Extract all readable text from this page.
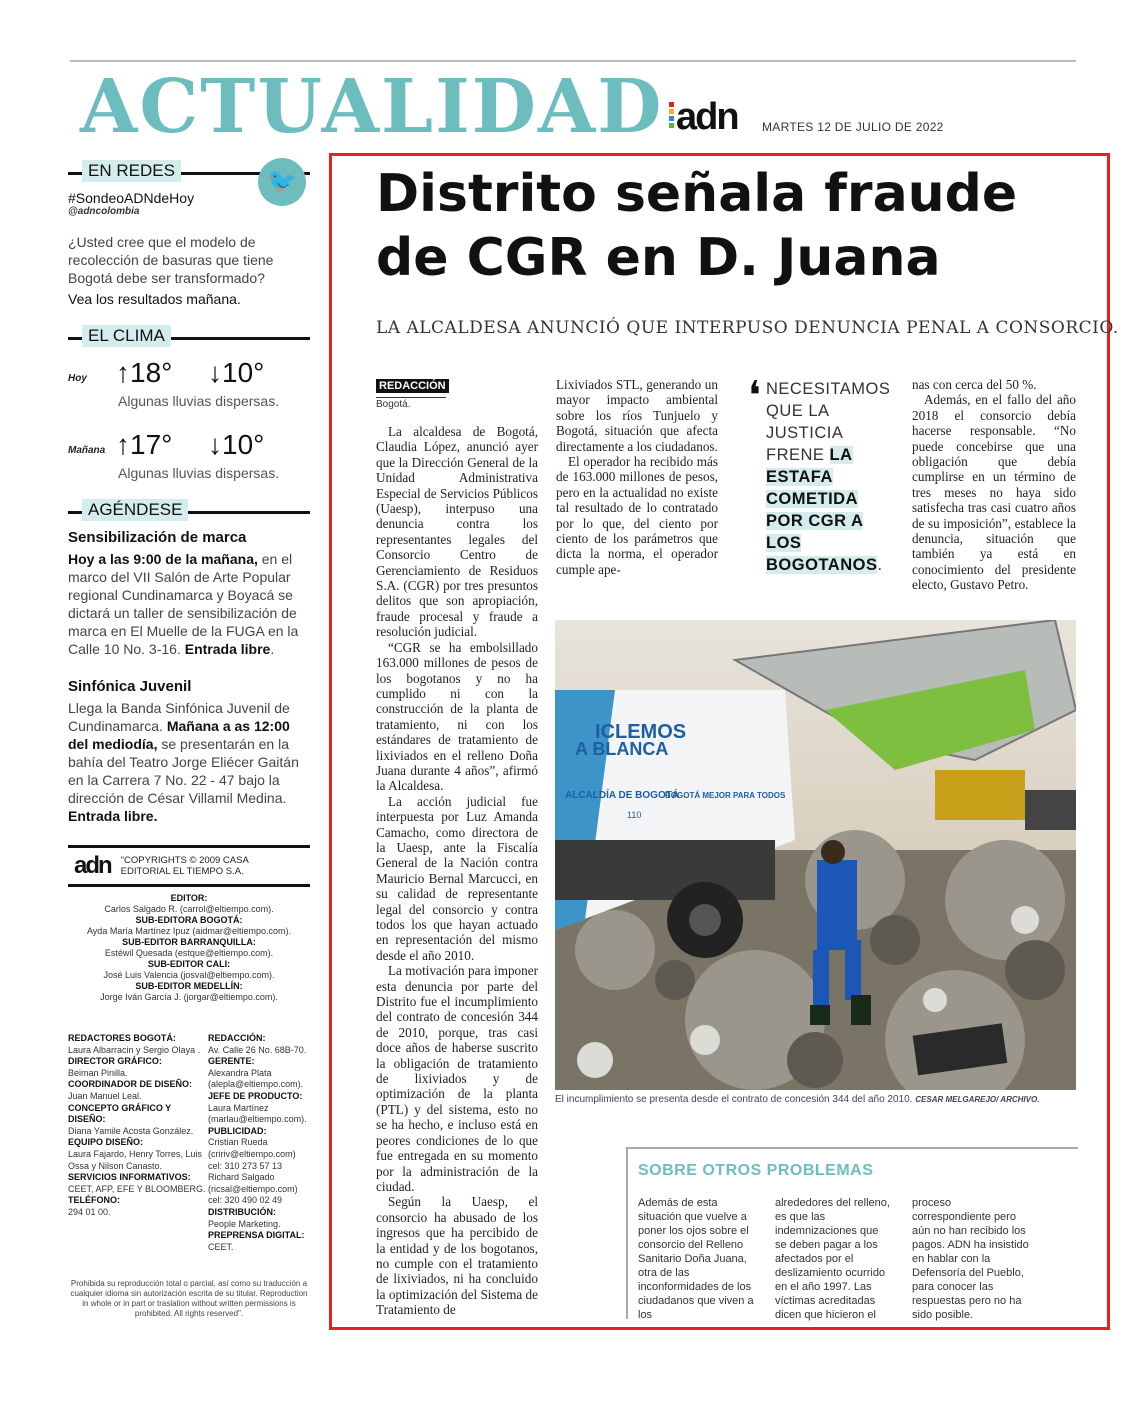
ACTUALIDAD adn MARTES 12 DE JULIO DE 2022
EN REDES	🐦
#SondeoADNdeHoy
@adncolombia
¿Usted cree que el modelo de recolección de basuras que tiene Bogotá debe ser transformado?
Vea los resultados mañana.
EL CLIMA
Hoy ↑18° ↓10°
Algunas lluvias dispersas.
Mañana ↑17° ↓10°
Algunas lluvias dispersas.
AGÉNDESE
Sensibilización de marca
Hoy a las 9:00 de la mañana, en el marco del VII Salón de Arte Popular regional Cundinamarca y Boyacá se dictará un taller de sensibilización de marca en El Muelle de la FUGA en la Calle 10 No. 3-16. Entrada libre.
Sinfónica Juvenil
Llega la Banda Sinfónica Juvenil de Cundinamarca. Mañana a as 12:00 del mediodía, se presentarán en la bahía del Teatro Jorge Eliécer Gaitán en la Carrera 7 No. 22 - 47 bajo la dirección de César Villamil Medina. Entrada libre.
adn "COPYRIGHTS © 2009 CASA EDITORIAL EL TIEMPO S.A.
EDITOR:
Carlos Salgado R. (carrol@eltiempo.com).
SUB-EDITORA BOGOTÁ:
Ayda María Martínez Ipuz (aidmar@eltiempo.com).
SUB-EDITOR BARRANQUILLA:
Estéwil Quesada (estque@eltiempo.com).
SUB-EDITOR CALI:
José Luis Valencia (josval@eltiempo.com).
SUB-EDITOR MEDELLÍN:
Jorge Iván García J. (jorgar@eltiempo.com).
REDACTORES BOGOTÁ:
Laura Albarracin y Sergio Olaya .
DIRECTOR GRÁFICO:
Beiman Pinilla.
COORDINADOR DE DISEÑO:
Juan Manuel Leal.
CONCEPTO GRÁFICO Y DISEÑO:
Diana Yamile Acosta González.
EQUIPO DISEÑO:
Laura Fajardo, Henry Torres, Luis Ossa y Nilson Canasto.
SERVICIOS INFORMATIVOS:
CEET, AFP, EFE Y BLOOMBERG.
TELÉFONO:
294 01 00.
REDACCIÓN:
Av. Calle 26 No. 68B-70.
GERENTE:
Alexandra Plata (alepla@eltiempo.com).
JEFE DE PRODUCTO:
Laura Martínez (marlau@eltiempo.com).
PUBLICIDAD:
Cristian Rueda (cririv@eltiempo.com) cel: 310 273 57 13 Richard Salgado (ricsal@eltiempo.com) cel: 320 490 02 49
DISTRIBUCIÓN:
People Marketing.
PREPRENSA DIGITAL:
CEET.
Prohibida su reproducción total o parcial, así como su traducción a cualquier idioma sin autorización escrita de su titular. Reproduction in whole or in part or traslation without written permissions is prohibited. All rights reserved".
Distrito señala fraude de CGR en D. Juana
LA ALCALDESA ANUNCIÓ QUE INTERPUSO DENUNCIA PENAL A CONSORCIO.
REDACCIÓN
Bogotá.

La alcaldesa de Bogotá, Claudia López, anunció ayer que la Dirección General de la Unidad Administrativa Especial de Servicios Públicos (Uaesp), interpuso una denuncia contra los representantes legales del Consorcio Centro de Gerenciamiento de Residuos S.A. (CGR) por tres presuntos delitos que son apropiación, fraude procesal y fraude a resolución judicial.

“CGR se ha embolsillado 163.000 millones de pesos de los bogotanos y no ha cumplido ni con la construcción de la planta de tratamiento, ni con los estándares de tratamiento de lixiviados en el relleno Doña Juana durante 4 años”, afirmó la Alcaldesa.

La acción judicial fue interpuesta por Luz Amanda Camacho, como directora de la Uaesp, ante la Fiscalía General de la Nación contra Mauricio Bernal Marcucci, en su calidad de representante legal del consorcio y contra todos los que hayan actuado en representación del mismo desde el año 2010.

La motivación para imponer esta denuncia por parte del Distrito fue el incumplimiento del contrato de concesión 344 de 2010, porque, tras casi doce años de haberse suscrito la obligación de tratamiento de lixiviados y de optimización de la planta (PTL) y del sistema, esto no se ha hecho, e incluso está en peores condiciones de lo que fue entregada en su momento por la administración de la ciudad.

Según la Uaesp, el consorcio ha abusado de los ingresos que ha percibido de la entidad y de los bogotanos, no cumple con el tratamiento de lixiviados, ni ha concluido la optimización del Sistema de Tratamiento de

Lixiviados STL, generando un mayor impacto ambiental sobre los ríos Tunjuelo y Bogotá, situación que afecta directamente a los ciudadanos.

El operador ha recibido más de 163.000 millones de pesos, pero en la actualidad no existe tal resultado de lo contratado por lo que, del ciento por ciento de los parámetros que dicta la norma, el operador cumple ape-

❛ NECESITAMOS QUE LA JUSTICIA FRENE LA ESTAFA COMETIDA POR CGR A LOS BOGOTANOS.

nas con cerca del 50 %.

Además, en el fallo del año 2018 el consorcio debía hacerse responsable. “No puede concebirse que una obligación que debía cumplirse en un término de tres meses no haya sido satisfecha tras casi cuatro años de su imposición”, establece la denuncia, situación que también ya está en conocimiento del presidente electo, Gustavo Petro.

ICLEMOS
A BLANCA
ALCALDÍA DE BOGOTÁ
BOGOTÁ MEJOR PARA TODOS
110
El incumplimiento se presenta desde el contrato de concesión 344 del año 2010. CESAR MELGAREJO/ ARCHIVO.
SOBRE OTROS PROBLEMAS
Además de esta situación que vuelve a poner los ojos sobre el consorcio del Relleno Sanitario Doña Juana, otra de las inconformidades de los ciudadanos que viven a los
alrededores del relleno, es que las indemnizaciones que se deben pagar a los afectados por el deslizamiento ocurrido en el año 1997. Las víctimas acreditadas dicen que hicieron el
proceso correspondiente pero aún no han recibido los pagos. ADN ha insistido en hablar con la Defensoría del Pueblo, para conocer las respuestas pero no ha sido posible.
